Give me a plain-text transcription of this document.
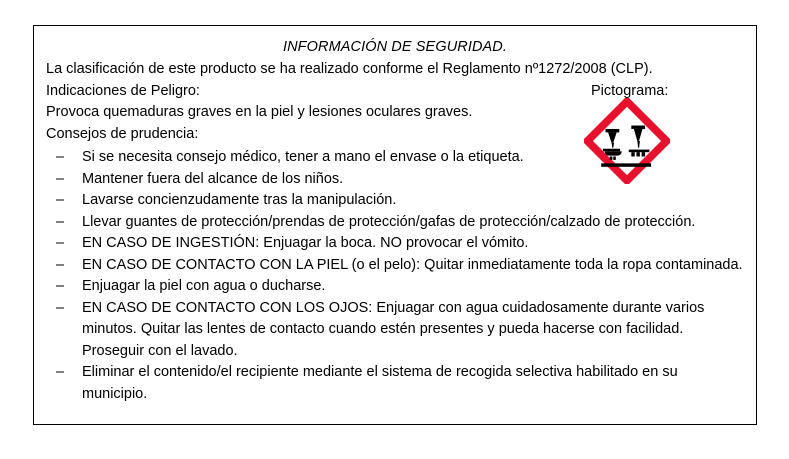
INFORMACIÓN DE SEGURIDAD.
La clasificación de este producto se ha realizado conforme el Reglamento nº1272/2008 (CLP).
Indicaciones de Peligro:	Pictograma:
Provoca quemaduras graves en la piel y lesiones oculares graves.
Consejos de prudencia:
– Si se necesita consejo médico, tener a mano el envase o la etiqueta.
– Mantener fuera del alcance de los niños.
– Lavarse concienzudamente tras la manipulación.
– Llevar guantes de protección/prendas de protección/gafas de protección/calzado de protección.
– EN CASO DE INGESTIÓN: Enjuagar la boca. NO provocar el vómito.
– EN CASO DE CONTACTO CON LA PIEL (o el pelo): Quitar inmediatamente toda la ropa contaminada.
– Enjuagar la piel con agua o ducharse.
– EN CASO DE CONTACTO CON LOS OJOS: Enjuagar con agua cuidadosamente durante varios minutos. Quitar las lentes de contacto cuando estén presentes y pueda hacerse con facilidad. Proseguir con el lavado.
– Eliminar el contenido/el recipiente mediante el sistema de recogida selectiva habilitado en su municipio.
